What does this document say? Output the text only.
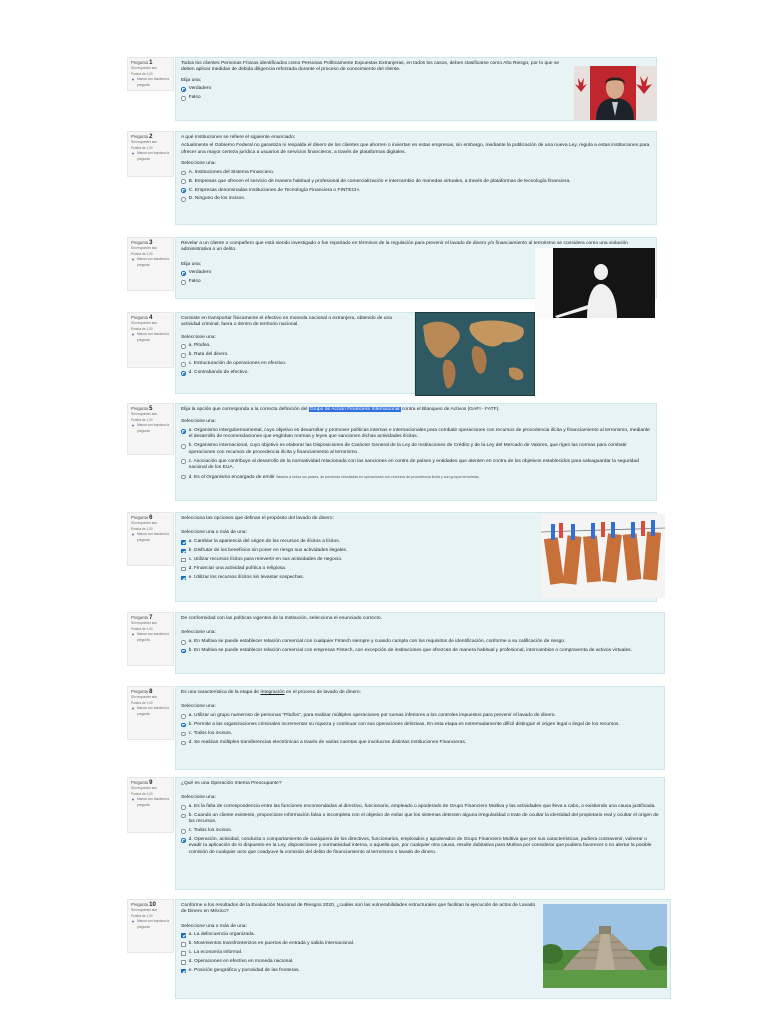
Pregunta 1
Sin responder aún
Puntúa de 1,00
▼ Marcar con bandera la pregunta
Todos los clientes Personas Físicas identificados como Personas Políticamente Expuestas Extranjeras, en todos los casos, deben clasificarse como Alto Riesgo, por lo que se deben aplicar medidas de debida diligencia reforzada durante el proceso de conocimiento del cliente.
Elija una;
Verdadero
Falso
Pregunta 2
Sin responder aún
Puntúa de 1,00
▼ Marcar con bandera la pregunta
A qué Instituciones se refiere el siguiente enunciado:
Actualmente el Gobierno Federal no garantiza ni respalda el dinero de los clientes que ahorren o inviertan en estas empresas, sin embargo, mediante la publicación de una nueva Ley, regula a estas instituciones para ofrecer una mayor certeza jurídica a usuarios de servicios financieros, a través de plataformas digitales.
Seleccione una:
A. Instituciones del Sistema Financiero.
B. Empresas que ofrecen el servicio de manera habitual y profesional de comercialización e intercambio de monedas virtuales, a través de plataformas de tecnología financiera.
C. Empresas denominadas Instituciones de Tecnología Financiera o FINTECH.
D. Ninguno de los incisos.
Pregunta 3
Sin responder aún
Puntúa de 1,00
▼ Marcar con bandera la pregunta
Revelar a un cliente o compañero que está siendo investigado o fue reportado en términos de la regulación para prevenir el lavado de dinero y/o financiamiento al terrorismo se considera como una violación administrativa o un delito.
Elija una;
Verdadero
Falso
Pregunta 4
Sin responder aún
Puntúa de 1,00
▼ Marcar con bandera la pregunta
Consiste en transportar físicamente el efectivo en moneda nacional o extranjera, obtenido de una actividad criminal, fuera o dentro de territorio nacional.
Seleccione una:
a. Pitufeo.
b. Ruta del dinero.
c. Estructuración de operaciones en efectivo.
d. Contrabando de efectivo.
Pregunta 5
Sin responder aún
Puntúa de 1,00
▼ Marcar con bandera la pregunta
Elija la opción que corresponda a la correcta definición del Grupo de Acción Financiera Internacional contra el Blanqueo de Activos (GAFI - FATF).
Seleccione una:
a. Organismo intergubernamental, cuyo objetivo es desarrollar y promover políticas internas e internacionales para combatir operaciones con recursos de procedencia ilícita y financiamiento al terrorismo, mediante el desarrollo de recomendaciones que engloban normas y leyes que sancionen dichas actividades ilícitas.
b. Organismo internacional, cuyo objetivo es elaborar las Disposiciones de Carácter General de la Ley de Instituciones de Crédito y de la Ley del Mercado de Valores, que rigen las normas para combatir operaciones con recursos de procedencia ilícita y financiamiento al terrorismo.
c. Asociación que contribuye al desarrollo de la normatividad relacionada con las sanciones en contra de países y entidades que atenten en contra de los objetivos establecidos para salvaguardar la seguridad nacional de los EUA.
d. Es el Organismo encargado de emitir listados a todos los países, de personas vinculadas en operaciones con recursos de procedencia ilícita y con grupos terroristas.
Pregunta 6
Sin responder aún
Puntúa de 1,00
▼ Marcar con bandera la pregunta
Selecciona las opciones que definan el propósito del lavado de dinero:
Seleccione una o más de una:
a. Cambiar la apariencia del origen de los recursos de ilícitos a lícitos.
b. Disfrutar de los beneficios sin poner en riesgo sus actividades ilegales.
c. Utilizar recursos lícitos para reinvertir en sus actividades de negocio.
d. Financiar una actividad política o religiosa.
e. Utilizar los recursos ilícitos sin levantar sospechas.
Pregunta 7
Sin responder aún
Puntúa de 1,00
▼ Marcar con bandera la pregunta
De conformidad con las políticas vigentes de la Institución, selecciona el enunciado correcto.
Seleccione una:
a. En Multiva se puede establecer relación comercial con cualquier Fintech siempre y cuando cumpla con los requisitos de identificación, conforme a su calificación de riesgo.
b. En Multiva se puede establecer relación comercial con empresas Fintech, con excepción de instituciones que ofrezcan de manera habitual y profesional, intercambios o compraventa de activos virtuales.
Pregunta 8
Sin responder aún
Puntúa de 1,00
▼ Marcar con bandera la pregunta
Es una característica de la etapa de Integración en el proceso de lavado de dinero:
Seleccione una:
a. Utilizar un grupo numeroso de personas "Pitufos", para realizar múltiples operaciones por sumas inferiores a los controles impuestos para prevenir el lavado de dinero.
b. Permite a las organizaciones criminales incrementar su riqueza y continuar con sus operaciones delictivas. En esta etapa es extremadamente difícil distinguir el origen legal o ilegal de los recursos.
c. Todos los incisos.
d. Se realizan múltiples transferencias electrónicas a través de varias cuentas que involucran distintas Instituciones Financieras.
Pregunta 9
Sin responder aún
Puntúa de 1,00
▼ Marcar con bandera la pregunta
¿Qué es una Operación Interna Preocupante?
Seleccione una:
a. Es la falta de correspondencia entre las funciones encomendadas al directivo, funcionario, empleado o apoderado de Grupo Financiero Multiva y las actividades que lleva a cabo, o existiendo una causa justificada.
b. Cuando un cliente existente, proporcione información falsa o incompleta con el objetivo de evitar que los sistemas detecten alguna irregularidad o trate de ocultar la identidad del propietario real y ocultar el origen de los recursos.
c. Todos los incisos.
d. Operación, actividad, conducta o comportamiento de cualquiera de los directivos, funcionarios, empleados y apoderados de Grupo Financiero Multiva que por sus características, pudiera contravenir, vulnerar o evadir la aplicación de lo dispuesto en la Ley, disposiciones y normatividad interna, o aquella que, por cualquier otra causa, resulte dubitativa para Multiva por considerar que pudiera favorecer o no alertar la posible comisión de cualquier acto que coadyuve la comisión del delito de financiamiento al terrorismo o lavado de dinero.
Pregunta 10
Sin responder aún
Puntúa de 1,00
▼ Marcar con bandera la pregunta
Conforme a los resultados de la Evaluación Nacional de Riesgos 2020, ¿cuáles son las vulnerabilidades estructurales que facilitan la ejecución de actos de Lavado de Dinero en México?
Seleccione una o más de una:
a. La delincuencia organizada.
b. Movimientos transfronterizos en puertos de entrada y salida internacional.
c. La economía informal.
d. Operaciones en efectivo en moneda nacional.
e. Posición geográfica y porosidad de las fronteras.
